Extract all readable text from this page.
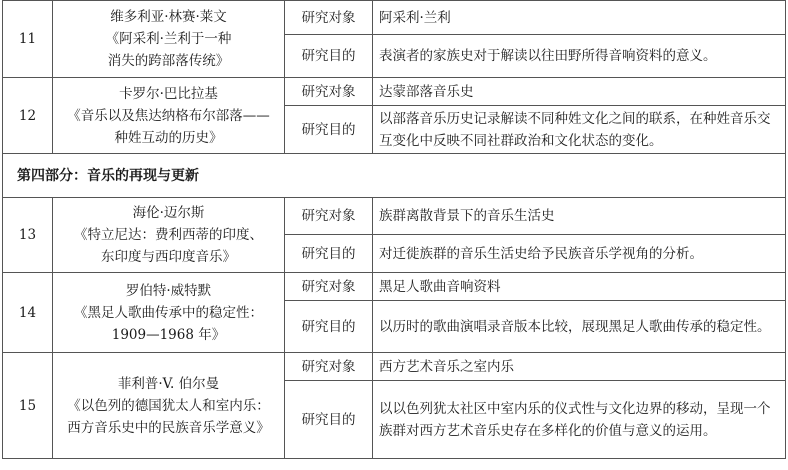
11	维多利亚·林赛·莱文
《阿采利·兰利于一种
消失的跨部落传统》	研究对象	阿采利·兰利
		研究目的	表演者的家族史对于解读以往田野所得音响资料的意义。
12	卡罗尔·巴比拉基
《音乐以及焦达纳格布尔部落——
种姓互动的历史》	研究对象	达蒙部落音乐史
		研究目的	以部落音乐历史记录解读不同种姓文化之间的联系，在种姓音乐交互变化中反映不同社群政治和文化状态的变化。
第四部分：音乐的再现与更新			
13	海伦·迈尔斯
《特立尼达：费利西蒂的印度、
东印度与西印度音乐》	研究对象	族群离散背景下的音乐生活史
		研究目的	对迁徙族群的音乐生活史给予民族音乐学视角的分析。
14	罗伯特·威特默
《黑足人歌曲传承中的稳定性：
1909—1968 年》	研究对象	黑足人歌曲音响资料
		研究目的	以历时的歌曲演唱录音版本比较，展现黑足人歌曲传承的稳定性。
15	菲利普·V. 伯尔曼
《以色列的德国犹太人和室内乐：
西方音乐史中的民族音乐学意义》	研究对象	西方艺术音乐之室内乐
		研究目的	以以色列犹太社区中室内乐的仪式性与文化边界的移动，呈现一个族群对西方艺术音乐史存在多样化的价值与意义的运用。
